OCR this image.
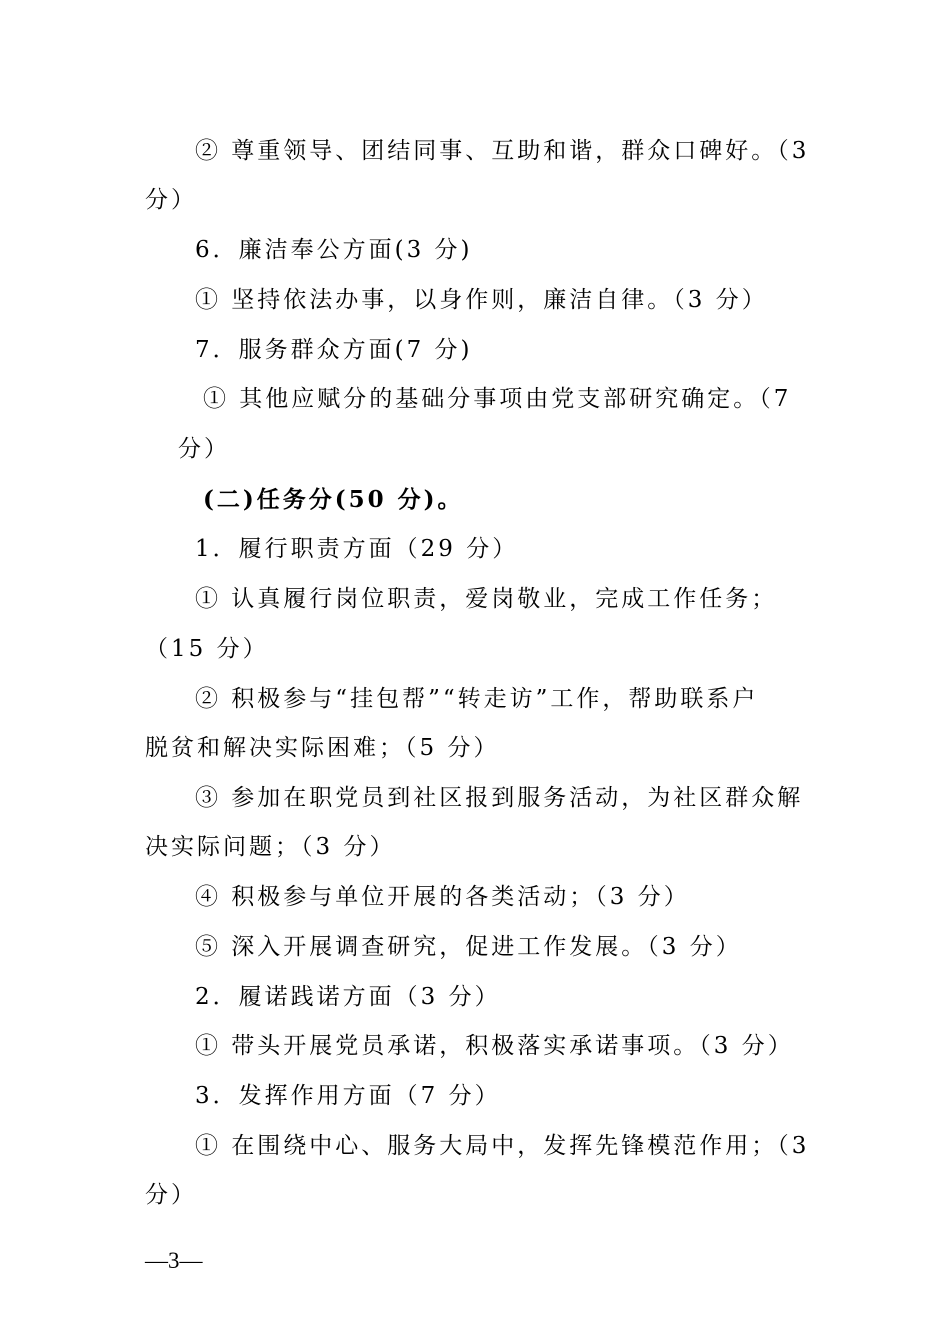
② 尊重领导、团结同事、互助和谐，群众口碑好。（3
分）
6．廉洁奉公方面(3 分)
① 坚持依法办事，以身作则，廉洁自律。（3 分）
7．服务群众方面(7 分)
① 其他应赋分的基础分事项由党支部研究确定。（7
分）
(二)任务分(50 分)。
1．履行职责方面（29 分）
① 认真履行岗位职责，爱岗敬业，完成工作任务；
（15 分）
② 积极参与“挂包帮”“转走访”工作，帮助联系户
脱贫和解决实际困难；（5 分）
③ 参加在职党员到社区报到服务活动，为社区群众解
决实际问题；（3 分）
④ 积极参与单位开展的各类活动；（3 分）
⑤ 深入开展调查研究，促进工作发展。（3 分）
2．履诺践诺方面（3 分）
① 带头开展党员承诺，积极落实承诺事项。（3 分）
3．发挥作用方面（7 分）
① 在围绕中心、服务大局中，发挥先锋模范作用；（3
分）
—3—
